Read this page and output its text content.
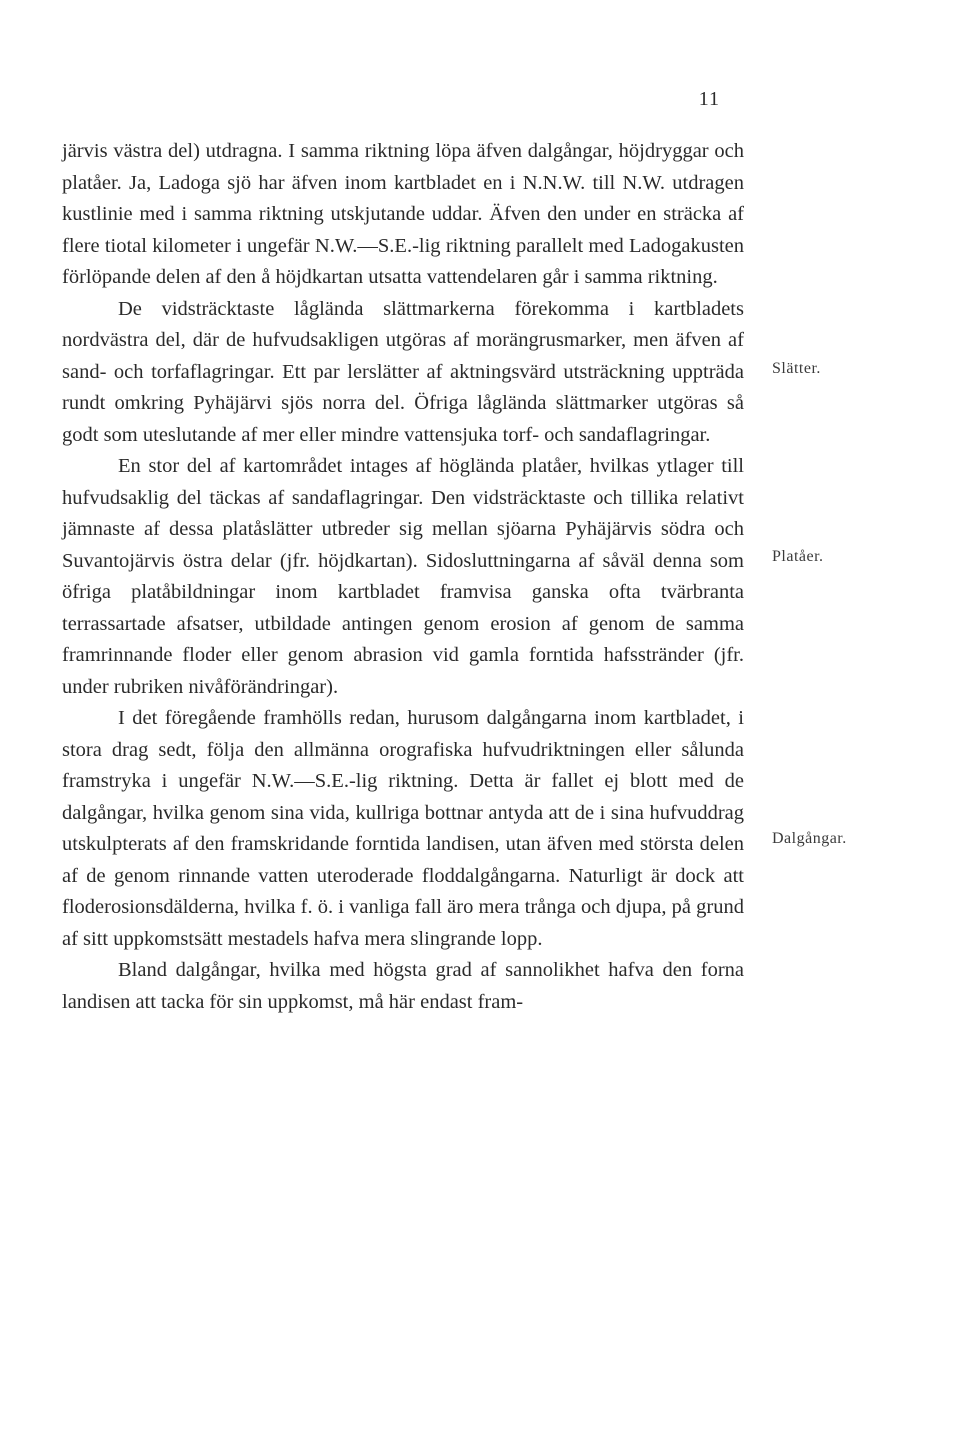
11

järvis västra del) utdragna. I samma riktning löpa äfven dalgångar, höjdryggar och platåer. Ja, Ladoga sjö har äfven inom kartbladet en i N.N.W. till N.W. utdragen kustlinie med i samma riktning utskjutande uddar. Äfven den under en sträcka af flere tiotal kilometer i ungefär N.W.—S.E.-lig riktning parallelt med Ladogakusten förlöpande delen af den å höjdkartan utsatta vattendelaren går i samma riktning.

De vidsträcktaste lågländа slättmarkerna förekomma i kartbladets nordvästra del, där de hufvudsakligen utgöras af morängrusmarker, men äfven af sand- och torfaflagringar. Ett par lerslätter af aktningsvärd utsträckning uppträda rundt omkring Pyhäjärvi sjös norra del. Öfriga lågländа slättmarker utgöras så godt som uteslutande af mer eller mindre vattensjuka torf- och sandaflagringar.

En stor del af kartområdet intages af högländа platåer, hvilkas ytlager till hufvudsaklig del täckas af sandaflagringar. Den vidsträcktaste och tillika relativt jämnaste af dessa platåslätter utbreder sig mellan sjöarna Pyhäjärvis södra och Suvantojärvis östra delar (jfr. höjdkartan). Sidosluttningarna af såväl denna som öfriga platåbildningar inom kartbladet framvisa ganska ofta tvärbranta terrassartade afsatser, utbildade antingen genom erosion af genom de samma framrinnande floder eller genom abrasion vid gamla forntida hafsstränder (jfr. under rubriken nivåförändringar).

I det föregående framhölls redan, hurusom dalgångarna inom kartbladet, i stora drag sedt, följa den allmänna orografiska hufvudriktningen eller sålunda framstryka i ungefär N.W.—S.E.-lig riktning. Detta är fallet ej blott med de dalgångar, hvilka genom sina vida, kullriga bottnar antyda att de i sina hufvuddrag utskulpterats af den framskridande forntida landisen, utan äfven med största delen af de genom rinnande vatten uteroderade floddalgångarna. Naturligt är dock att floderosionsdälderna, hvilka f. ö. i vanliga fall äro mera trånga och djupa, på grund af sitt uppkomstsätt mestadels hafva mera slingrande lopp.

Bland dalgångar, hvilka med högsta grad af sannolikhet hafva den forna landisen att tacka för sin uppkomst, må här endast fram-

Slätter.
Platåer.
Dalgångar.
